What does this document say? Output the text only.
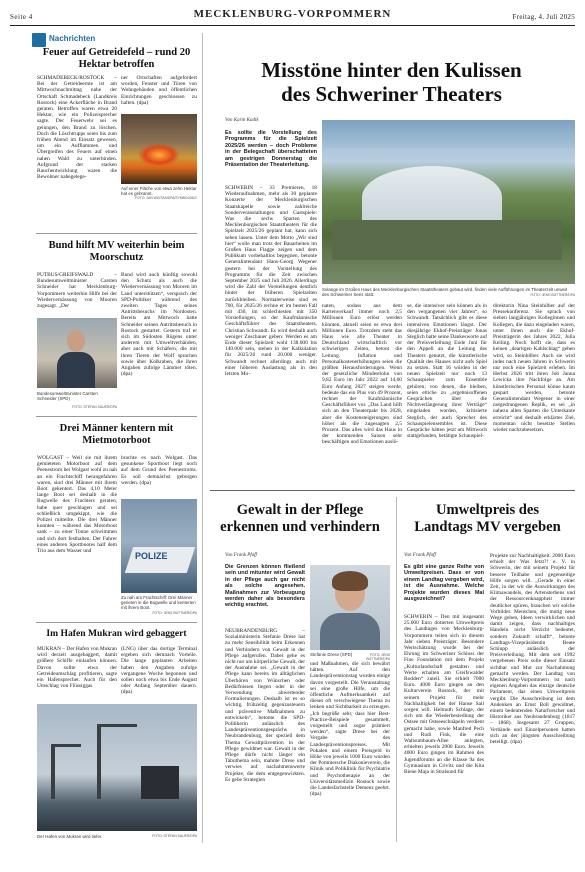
Seite 4	MECKLENBURG-VORPOMMERN	Freitag, 4. Juli 2025
Nachrichten
Feuer auf Getreidefeld – rund 20 Hektar betroffen
SCHMADEBECK/ROSTOCK – Bei der Getreideernte ist am Mittwochnachmittag nahe der Ortschaft Schmadebeck (Landkreis Rostock) eine Ackerfläche in Brand geraten. Betroffen waren etwa 20 Hektar, wie ein Polizeisprecher sagte. Der Feuerwehr sei es gelungen, den Brand zu löschen. Doch die Löschtrupps seien bis zum frühen Abend im Einsatz gewesen, um ein Aufflammen und Übergreifen des Feuers auf einen nahen Wald zu unterbinden. Aufgrund der starken Rauchentwicklung waren die Bewohner nahegelege-
ner Ortschaften aufgefordert worden, Fenster und Türen von Wohngebäuden und öffentlichen Einrichtungen geschlossen zu halten. (dpa)
Auf einer Fläche von etwa zehn Hektar hat es gebrannt.
FOTO: JAN WOITAS/DPA/SYMBOLBILD
Bund hilft MV weiterhin beim Moorschutz
PUTBUS/GREIFSWALD – Bundesumweltminister Carsten Schneider hat Mecklenburg-Vorpommern weiterhin Hilfe bei der Wiedervernässung von Mooren zugesagt. „Der
Bund wird auch künftig sowohl den Schutz als auch die Wiedervernässung von Mooren im Land unterstützen“, versprach der SPD-Politiker während des zweiten Tages seines Antrittsbesuchs im Nordosten. Bereits am Mittwoch hatte Schneider seinen Antrittsbesuch in Rostock gestartet. Gestern traf er sich im Südosten Rügens unter anderem mit Umweltverbänden, aber auch mit Schäfern, die mit ihren Tieren der Wolf sprachen sowie über Kolkraben, die ihren Angaben zufolge Lämmer töten. (dpa)
Bundesumweltminister Carsten Schneider (SPD)
FOTO: STEFAN SAUER/DPA
Drei Männer kentern mit Mietmotorboot
WOLGAST – Weil sie mit ihrem gemieteten Motorboot auf dem Peenestrom bei Wolgast wohl zu nah an ein Frachtschiff herangefahren waren, sind drei Männer mit ihrem Boot gekentert. Das 4,10 Meter lange Boot sei deshalb in die Bugwelle des Frachters geraten, habe quer geschlagen und sei schließlich umgekippt, wie die Polizei mitteilte. Die drei Männer konnten – während das Motorboot sank – zu einer Tonne schwimmen und sich dort festhalten. Der Fahrer eines anderen Sportbootes half dem Trio aus dem Wasser und
brachte es nach Wolgast. Das gesunkene Sportboot liegt noch auf dem Grund des Peenestroms. Es soll demnächst geborgen werden. (dpa)
POLIZE
Zu nah am Frachtschiff: Drei Männer gerieten in die Bugwelle und kenterten mit ihrem Boot.
FOTO: JENS BÜTTNER/DPA
Im Hafen Mukran wird gebaggert
MUKRAN – Der Hafen von Mukran wird derzeit ausgebaggert, damit größere Schiffe einlaufen können. Davon sollte etwa der Getreideumschlag profitieren, sagte ein Hafensprecher. Auch für den Umschlag von Flüssiggas
(LNG) über das dortige Terminal ergeben sich demnach Vorteile. Die lange geplanten Arbeiten haben den Angaben zufolge vergangene Woche begonnen und sollen noch etwa bis Ende August oder Anfang September dauern. (dpa)
Der Hafen von Mukran wird tiefer.	FOTO: STEFAN SAUER/DPA
Misstöne hinter den Kulissen
des Schweriner Theaters
Von Karin Kadik
Es sollte die Vorstellung des Programms für die Spielzeit 2025/26 werden – doch Probleme in der Belegschaft überschatteten am gestrigen Donnerstag die Präsentation der Theaterleitung.
SCHWERIN – 33 Premieren, 18 Wiederaufnahmen, mehr als 30 geplante Konzerte der Mecklenburgischen Staatskapelle sowie zahlreiche Sonderveranstaltungen und Gastspiele: Was die sechs Sparten des Mecklenburgischen Staatstheaters für die Spielzeit 2025/26 geplant hat, kann sich sehen lassen. Unter dem Motto „Wir sind hier“ wolle man trotz der Bauarbeiten im Großen Haus Flagge zeigen und dem Publikum vorbehaltlos begegnen, betonte Generalintendant Hans-Georg Wegener gestern bei der Vorstellung des Programms für die Zeit zwischen September 2025 und Juli 2026. Allerdings wird die Zahl der Vorstellungen deutlich hinter der früheren Spielzeiten zurückbleiben. Normalerweise sind es 700, für 2025/26 rechne er im besten Fall mit 430, im schlechtesten mit 350 Vorstellungen, so der Kaufmännische Geschäftsführer des Staatstheaters, Christian Schwandt. Es wird deshalb auch weniger Zuschauer geben: Werden es am Ende dieser Spielzeit wohl 138.000 bis 140.000 sein, stehen in der Kalkulation für 2025/26 rund 20.000 weniger. Schwandt rechnet allerdings auch mit einer höheren Auslastung als in den letzten Mo-
Solange im Großen Haus des Mecklenburgischen Staatstheaters gebaut wird, finden viele Aufführungen im Theaterzelt unweit des Schweriner Sees statt.	FOTO: JENS BÜTTNER/DPA
naten, sodass aus dem Kartenverkauf immer noch 2,5 Millionen Euro erlöst werden könnten, aktuell seien es etwa drei Millionen Euro. Trotzdem steht das Haus wie alle Theater in Deutschland wirtschaftlich vor schwierigen Zeiten, betont die Leitung. Inflation und Personalkostenerhöhungen seien die größten Herausforderungen. Wenn der gesetzliche Mindestlohn von 9,82 Euro im Jahr 2022 auf 14,60 Euro Anfang 2027 steigen werde, bedeute das ein Plus von 49 Prozent, rechnet der Kaufmännische Geschäftsführer vor. „Das Land hilft sich an den Theaterpakt bis 2028, aber die Kostensteigerungen sind höher als die zugesagten 2,5 Prozent. Das alles wird das Haus in der kommenden Saison sehr beschäftigen und Emotionen auslö-
se, die intensiver sein können als in den vergangenen vier Jahren“, so Schwandt. Tatsächlich gibt es diese intensiven Emotionen längst. Der diesjährige Ekhof-Preisträger Jonas Steglich hatte seine Dankesworte auf der Preisverleihung Ende Juni für den Appell an die Leitung des Theaters genutzt, die künstlerische Qualität des Hauses nicht aufs Spiel zu setzen. Statt 16 würden in der neuen Spielzeit nur noch 13 Schauspieler zum Ensemble gehören; von denen, die bleiben, seien etliche zu „ergebnisoffenen Gesprächen über die Nichtverlängerung ihrer Verträge“ eingeladen worden, kritisierte Steglich, der auch Sprecher des Schauspielensembles ist. Diese Gespräche hätten jetzt am Mittwoch stattgefunden, betätigte Schauspiel-
direktorin Nina Steinhilber auf der Pressekonferenz. Sie sprach von sieben langjährigen Kolleginnen und Kollegen, die dazu eingeladen waren, unter ihnen auch die Ekhof-Preisträgerin des Jahres 2022, Julia Keiling. Noch hofft sie, dass es keinen „dearitgen Kahlschlag“ geben wird, so Steinhilber. Auch sie wird indes nach neuen Jahren in Schwerin nur noch eine Spielzeit erleben. Im Herbst 2026 tritt ihren Job Janna Lewicka ihre Nachfolge an. Am künstlerischen Personal könne kaum gespart werden, betonte Generalintendant Wegener in einer notgedrungenen Replik, es sei „in nahezu allen Sparten die Unterkante erreicht“ und deshalb erklärtes Ziel, momentan nicht besetzte Stellen wieder nachzubesetzen.
Gewalt in der Pflege
erkennen und verhindern
Von Frank Pfaff
Die Grenzen können fließend sein und mitunter wird Gewalt in der Pflege auch gar nicht als solche angesehen. Maßnahmen zur Vorbeugung werden daher als besonders wichtig erachtet.
NEUBRANDENBURG – Sozialministerin Stefanie Drese hat zu mehr Sensibilität beim Erkennen und Verhindern von Gewalt in der Pflege aufgerufen. Dabei gehe es nicht nur um körperliche Gewalt, der der Ausnahme sei. „Gewalt in der Pflege kann bereits im alltäglichen Überhören von Wünschen oder Bedürfnissen liegen oder in der Verwendung abwertender Formulierungen. Deshalb ist es so wichtig, frühzeitig gegenzusteuern und präventive Maßnahmen zu entwickeln“, betonte die SPD-Politikerin anlässlich des Landespräventionsgesprächs in Neubrandenburg, der speziell dem Thema Gewaltprävention in der Pflege gewidmet war. Gewalt in der Pflege dürfe nicht länger ein Tabuthema sein, mahnte Drese und verwies auf nachahmenswerte Projekte, die dem entgegenwirkten. Es gebe Strategien
Stefanie Drese (SPD)	FOTO: JENS BÜTTNER/DPA
und Maßnahmen, die sich bewährt hätten. Auf den Landespräventionstag wurden einige davon vorgestellt. Die Veranstaltung sei eine große Hilfe, um die öffentliche Aufmerksamkeit auf dieses oft verschwiegene Thema zu lenken und Sichtbarkeit zu erzeugen. „Ich begrüße sehr, dass hier Best-Practice-Beispiele gesammelt, vorgestellt und sogar prämiert werden“, sagte Drese bei der Vergabe des Landespräventionspreises. Mit Pokalen und einem Preisgeld in Höhe von jeweils 1000 Euro wurden der Pommersche Diakonieverein, die Klinik und Poliklinik für Psychiatrie und Psychotherapie an der Universitätsmedizin Rostock sowie die Landesfachstelle Demenz geehrt. (dpa)
Umweltpreis des
Landtags MV vergeben
Von Frank Pfaff
Es gibt eine ganze Reihe von Umweltpreisen. Dass er von einem Landtag vergeben wird, ist die Ausnahme. Welche Projekte wurden dieses Mal ausgezeichnet?
SCHWERIN – Den mit insgesamt 25.000 Euro dotierten Umweltpreis des Landtages von Mecklenburg-Vorpommern teilen sich in diesem Jahr sieben Preisträger. Besondere Wertschätzung wurde bei der Ehrung im Schweriner Schloss der Fine Foundation mit dem Projekt „Kulturlandschaft gestalten und Werte erhalten am Greifswalder Bodden“ zuteil. Sie erhielt 7000 Euro. 4000 Euro gingen an den Kulturverein Rostock, der mit seinem Projekt für mehr Nachhaltigkeit bei der Hanse Sail sorgen will. Helmuth Schlage, der sich um die Wiederbesiedlung der Ostsee mit Ostseeschnäpeln verdient gemacht habe, sowie Manfred Pech und Rudi Fink, die eine Waltsumbaum-Allee anlegten, erhielten jeweils 2000 Euro. Jeweils 4000 Euro gingen im Rahmen des Jugendforums an die Klasse 9a des Gymnasium in Crivitz und die Kita Biene Maja in Stralsund für
Projekte zur Nachhaltigkeit. 2000 Euro erhielt der Was Jetzt?! e. V. in Schwerin, der mit seinem Projekt für bessere Teilhabe und gegenseitige Hilfe sorgen will. „Gerade in einer Zeit, in der wir die Auswirkungen des Klimawandels, des Artensterbens und der Ressourcenknappheit immer deutlicher spüren, brauchen wir solche Vorbilder. Menschen, die mutig neue Wege gehen, Ideen verwirklichen und damit zeigen, dass nachhaltiges Handeln nicht Verzicht bedeutet, sondern Zukunft schafft“, betonte Landtags-Vizepräsidentin Beate Schlupp anlässlich der Preisverleihung. Mit dem seit 1992 vergebenen Preis solle dieser Einsatz sichtbar und Mut zur Nachahmung gemacht werden. Der Landtag von Mecklenburg-Vorpommern ist nach eigenen Angaben das einzige deutsche Parlament, das einen Umweltpreis vergibt. Die Ausschreibung ist dem Andenken an Ernst Boll gewidmet, einem bedeutenden Naturforscher und Historiker aus Neubrandenburg (1817 – 1868). Insgesamt 27 Gruppen, Verbände und Einzelpersonen hatten sich an der jüngsten Ausschreibung beteiligt. (dpa)
